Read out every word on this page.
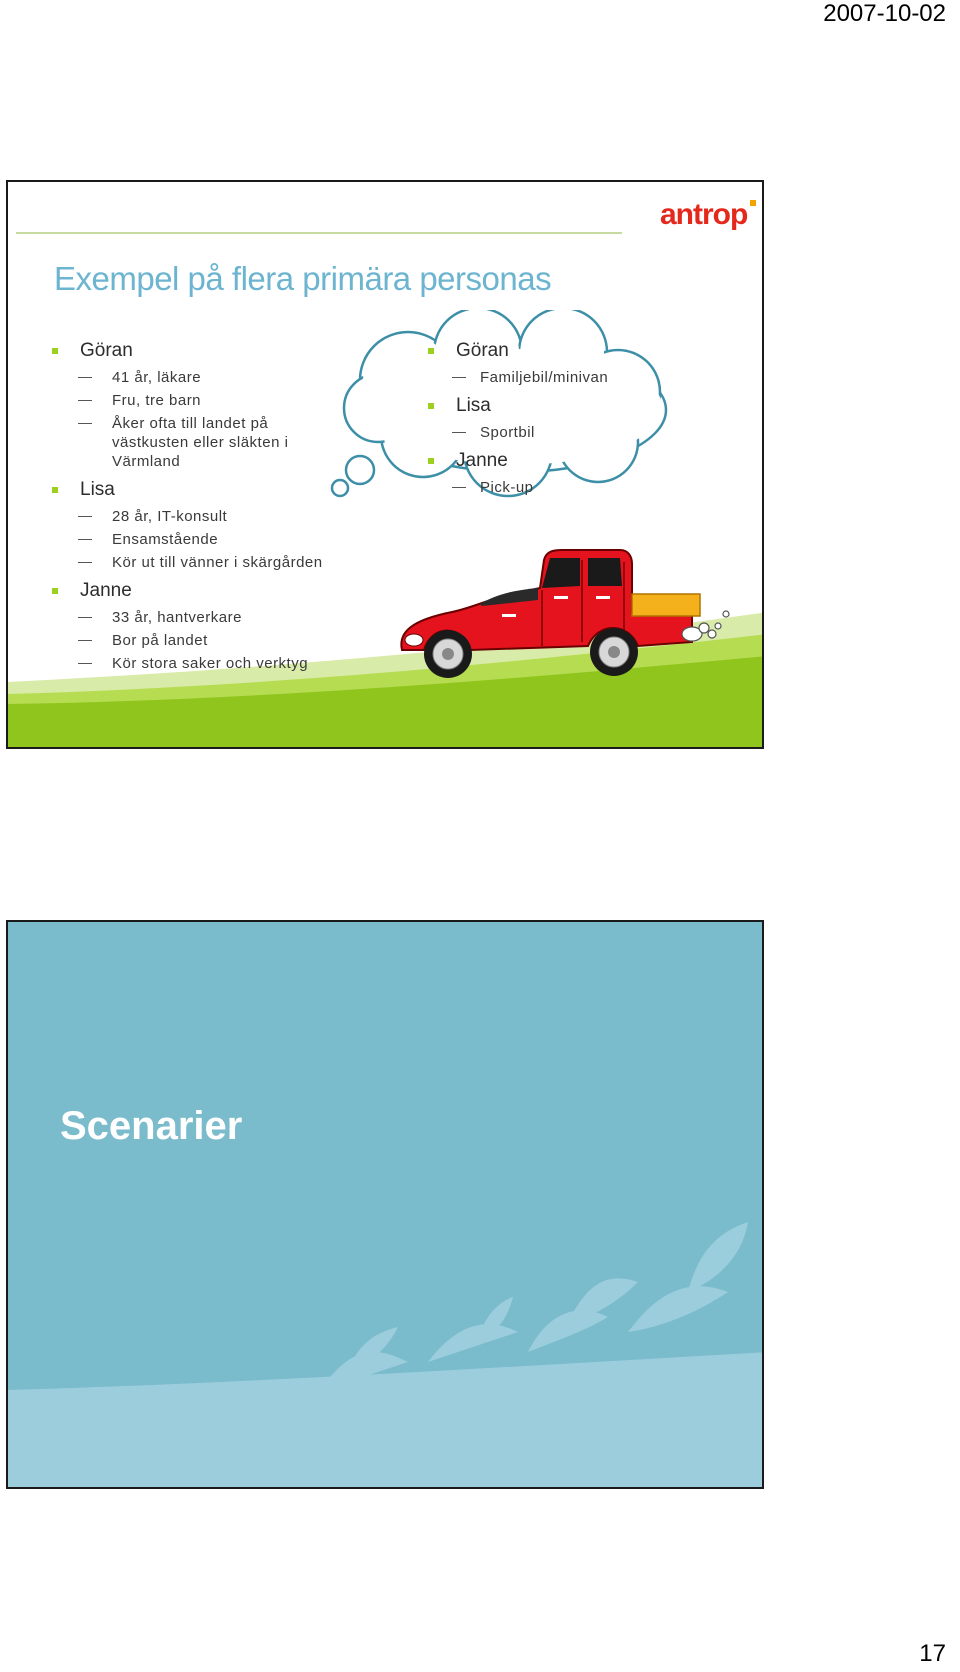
2007-10-02
antrop
Exempel på flera primära personas
Göran
41 år, läkare
Fru, tre barn
Åker ofta till landet på västkusten eller släkten i Värmland
Lisa
28 år, IT-konsult
Ensamstående
Kör ut till vänner i skärgården
Janne
33 år, hantverkare
Bor på landet
Kör stora saker och verktyg
Göran
Familjebil/minivan
Lisa
Sportbil
Janne
Pick-up
Scenarier
17
